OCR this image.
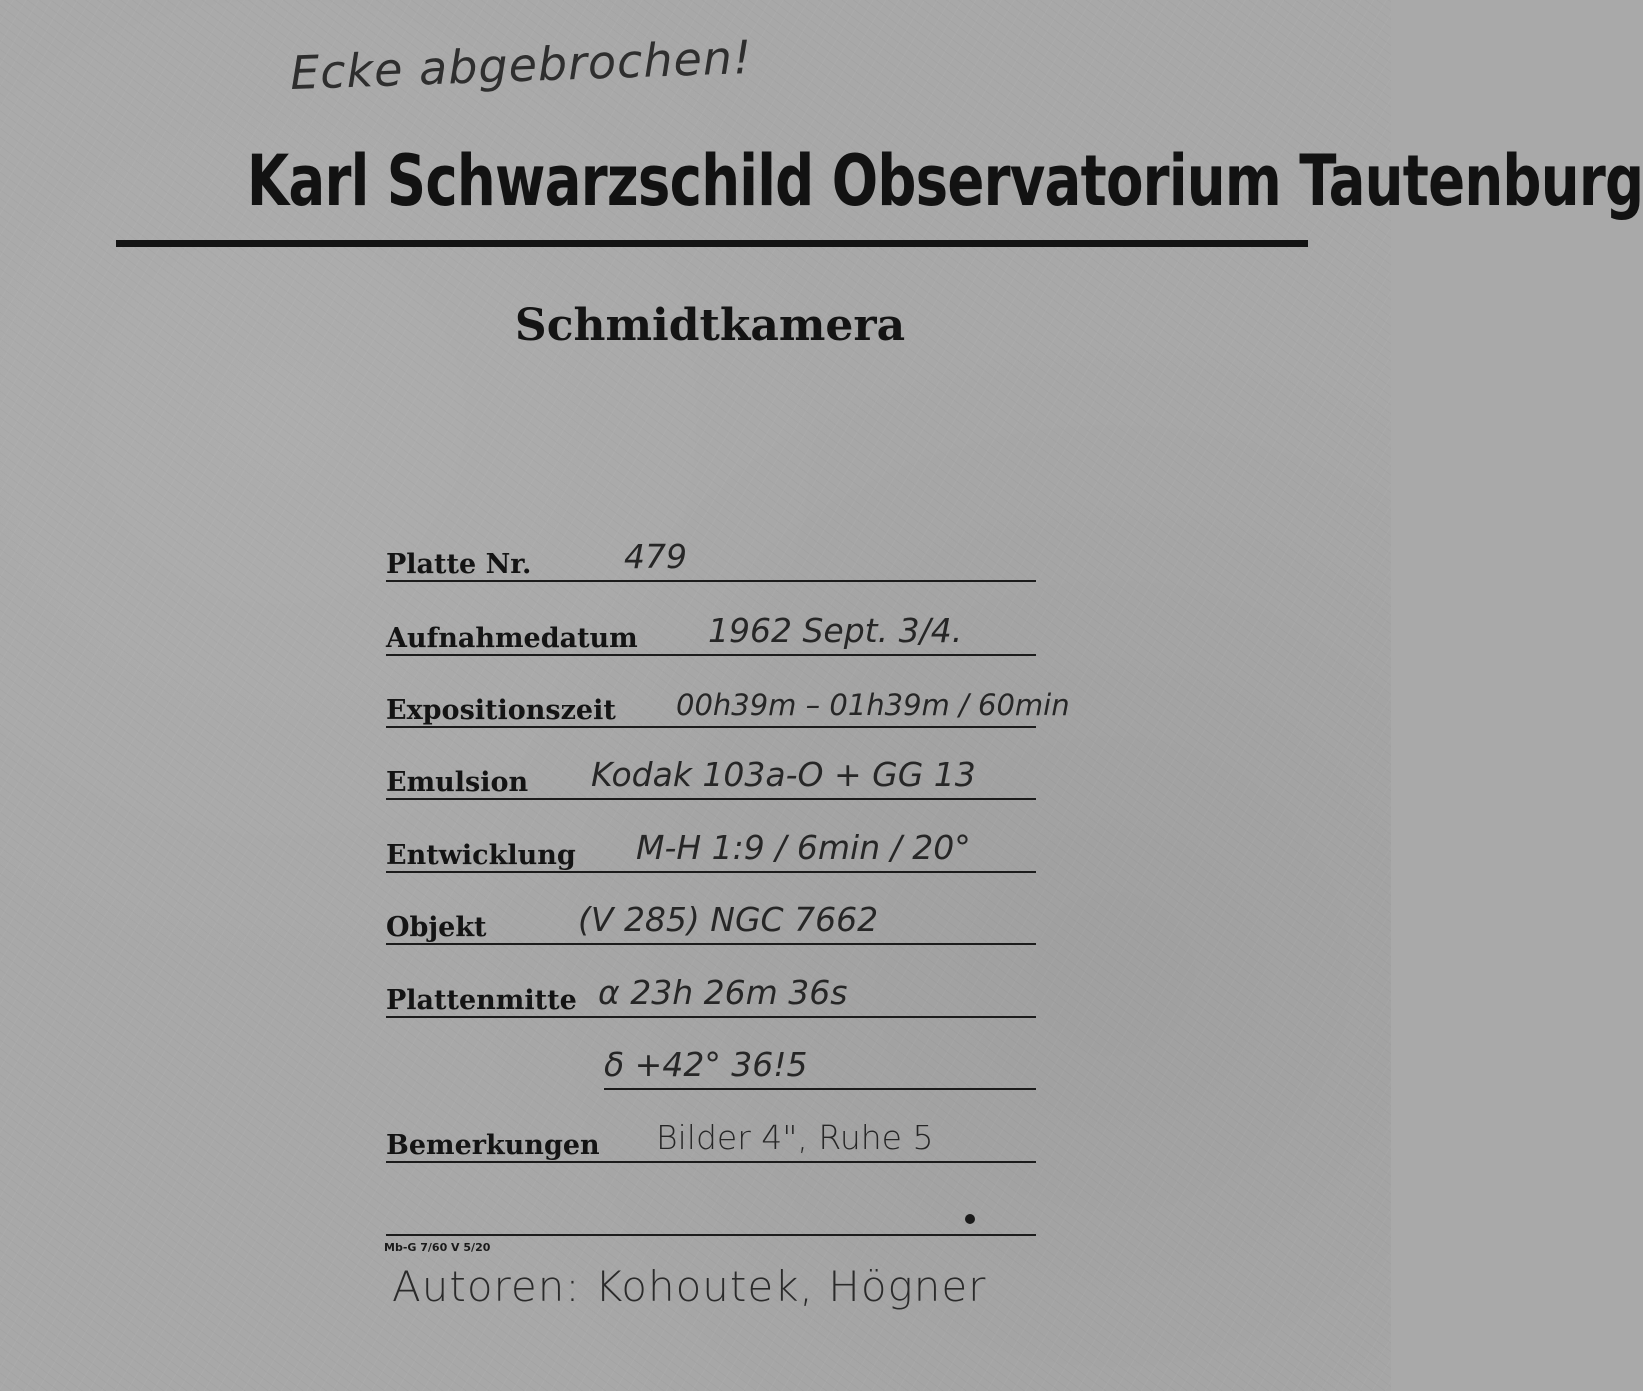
Ecke abgebrochen!
Karl Schwarzschild Observatorium Tautenburg
Schmidtkamera
Platte Nr.	479
Aufnahmedatum 1962 Sept. 3/4.
Expositionszeit 00h39m – 01h39m / 60min
Emulsion Kodak 103a-O + GG 13
Entwicklung M-H 1:9 / 6min / 20°
Objekt	(V 285) NGC 7662
Plattenmitte α 23h 26m 36s
δ +42° 36!5
Bemerkungen Bilder 4", Ruhe 5
Mb-G 7/60 V 5/20
Autoren: Kohoutek, Högner
